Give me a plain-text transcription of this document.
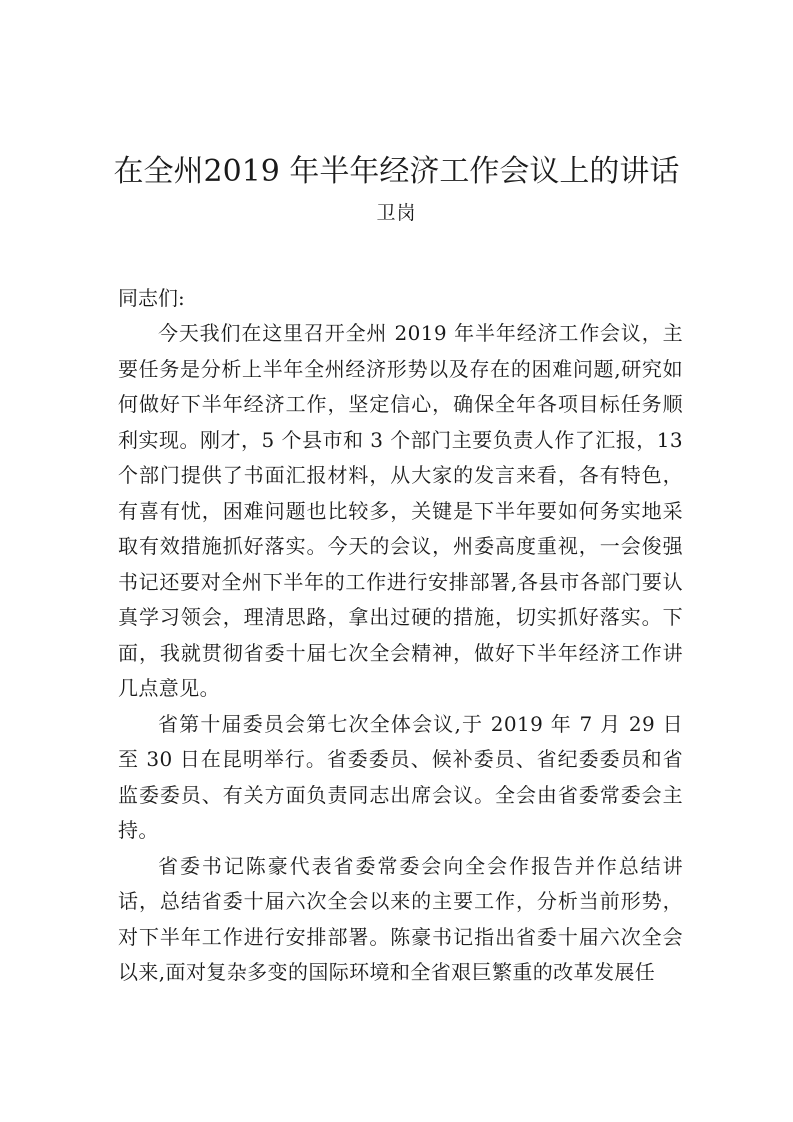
在全州2019 年半年经济工作会议上的讲话
卫岗
同志们:

今天我们在这里召开全州 2019 年半年经济工作会议，主要任务是分析上半年全州经济形势以及存在的困难问题,研究如何做好下半年经济工作，坚定信心，确保全年各项目标任务顺利实现。刚才，5 个县市和 3 个部门主要负责人作了汇报，13 个部门提供了书面汇报材料，从大家的发言来看，各有特色，有喜有忧，困难问题也比较多，关键是下半年要如何务实地采取有效措施抓好落实。今天的会议，州委高度重视，一会俊强书记还要对全州下半年的工作进行安排部署,各县市各部门要认真学习领会，理清思路，拿出过硬的措施，切实抓好落实。下面，我就贯彻省委十届七次全会精神，做好下半年经济工作讲几点意见。

省第十届委员会第七次全体会议,于 2019 年 7 月 29 日至 30 日在昆明举行。省委委员、候补委员、省纪委委员和省监委委员、有关方面负责同志出席会议。全会由省委常委会主持。

省委书记陈豪代表省委常委会向全会作报告并作总结讲话，总结省委十届六次全会以来的主要工作，分析当前形势，对下半年工作进行安排部署。陈豪书记指出省委十届六次全会以来,面对复杂多变的国际环境和全省艰巨繁重的改革发展任
